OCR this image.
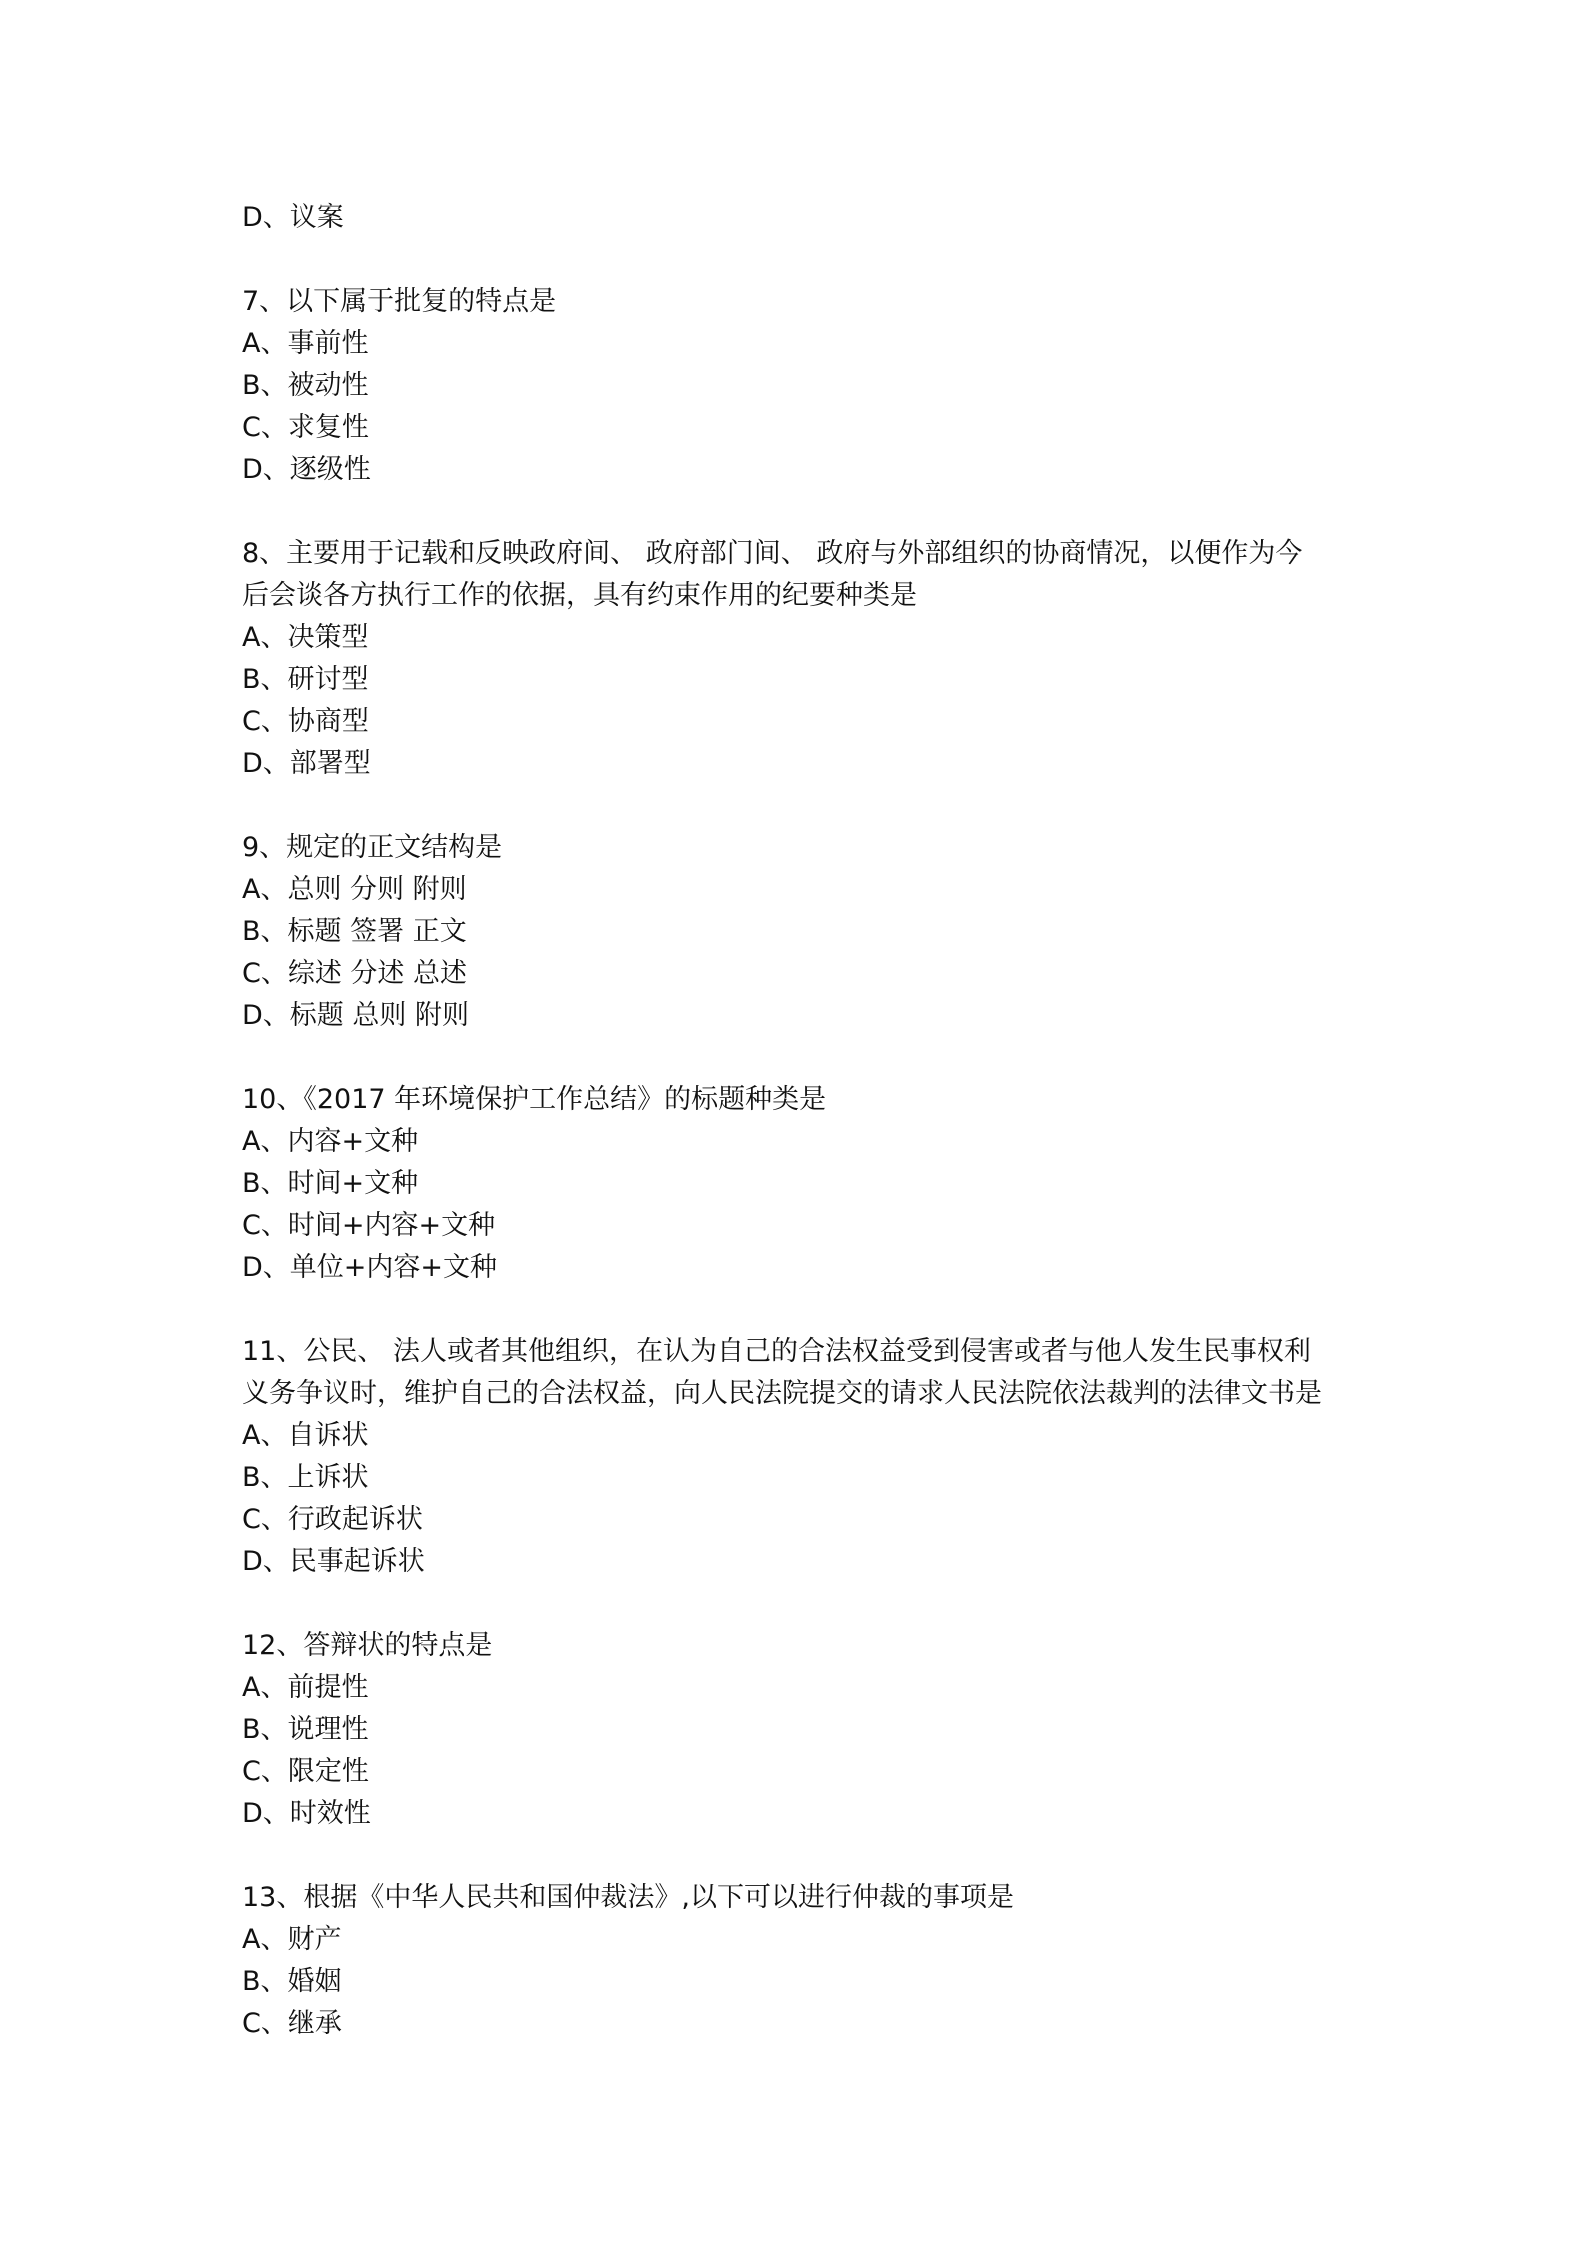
D、议案
7、以下属于批复的特点是
A、事前性
B、被动性
C、求复性
D、逐级性
8、主要用于记载和反映政府间、 政府部门间、 政府与外部组织的协商情况，以便作为今
后会谈各方执行工作的依据，具有约束作用的纪要种类是
A、决策型
B、研讨型
C、协商型
D、部署型
9、规定的正文结构是
A、总则 分则 附则
B、标题 签署 正文
C、综述 分述 总述
D、标题 总则 附则
10、《2017 年环境保护工作总结》的标题种类是
A、内容+文种
B、时间+文种
C、时间+内容+文种
D、单位+内容+文种
11、公民、 法人或者其他组织，在认为自己的合法权益受到侵害或者与他人发生民事权利
义务争议时，维护自己的合法权益，向人民法院提交的请求人民法院依法裁判的法律文书是
A、自诉状
B、上诉状
C、行政起诉状
D、民事起诉状
12、答辩状的特点是
A、前提性
B、说理性
C、限定性
D、时效性
13、根据《中华人民共和国仲裁法》,以下可以进行仲裁的事项是
A、财产
B、婚姻
C、继承
